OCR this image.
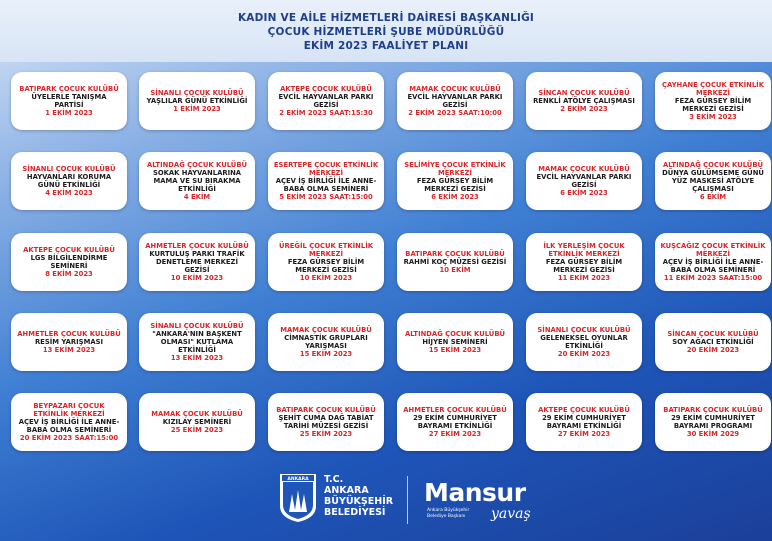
KADIN VE AİLE HİZMETLERİ DAİRESİ BAŞKANLIĞI
ÇOCUK HİZMETLERİ ŞUBE MÜDÜRLÜĞÜ
EKİM 2023 FAALİYET PLANI
BATIPARK ÇOCUK KULÜBÜ
ÜYELERLE TANIŞMA PARTİSİ
1 EKİM 2023
SİNANLI ÇOCUK KULÜBÜ
YAŞLILAR GÜNÜ ETKİNLİĞİ
1 EKİM 2023
AKTEPE ÇOCUK KULÜBÜ
EVCİL HAYVANLAR PARKI GEZİSİ
2 EKİM 2023 SAAT:15:30
MAMAK ÇOCUK KULÜBÜ
EVCİL HAYVANLAR PARKI GEZİSİ
2 EKİM 2023 SAAT:10:00
SİNCAN ÇOCUK KULÜBÜ
RENKLİ ATÖLYE ÇALIŞMASI
2 EKİM 2023
ÇAYHANE ÇOCUK ETKİNLİK MERKEZİ
FEZA GÜRSEY BİLİM MERKEZİ GEZİSİ
3 EKİM 2023
SİNANLI ÇOCUK KULÜBÜ
HAYVANLARI KORUMA GÜNÜ ETKİNLİĞİ
4 EKİM 2023
ALTINDAĞ ÇOCUK KULÜBÜ
SOKAK HAYVANLARINA MAMA VE SU BIRAKMA ETKİNLİĞİ
4 EKİM
ESERTEPE ÇOCUK ETKİNLİK MERKEZİ
AÇEV İŞ BİRLİĞİ İLE ANNE-BABA OLMA SEMİNERİ
5 EKİM 2023 SAAT:15:00
SELİMİYE ÇOCUK ETKİNLİK MERKEZİ
FEZA GÜRSEY BİLİM MERKEZİ GEZİSİ
6 EKİM 2023
MAMAK ÇOCUK KULÜBÜ
EVCİL HAYVANLAR PARKI GEZİSİ
6 EKİM 2023
ALTINDAĞ ÇOCUK KULÜBÜ
DÜNYA GÜLÜMSEME GÜNÜ YÜZ MASKESİ ATÖLYE ÇALIŞMASI
6 EKİM
AKTEPE ÇOCUK KULÜBÜ
LGS BİLGİLENDİRME SEMİNERİ
8 EKİM 2023
AHMETLER ÇOCUK KULÜBÜ
KURTULUŞ PARKI TRAFİK DENETLEME MERKEZİ GEZİSİ
10 EKİM 2023
ÜREĞİL ÇOCUK ETKİNLİK MERKEZİ
FEZA GÜRSEY BİLİM MERKEZİ GEZİSİ
10 EKİM 2023
BATIPARK ÇOCUK KULÜBÜ
RAHMİ KOÇ MÜZESİ GEZİSİ
10 EKİM
İLK YERLEŞİM ÇOCUK ETKİNLİK MERKEZİ
FEZA GÜRSEY BİLİM MERKEZİ GEZİSİ
11 EKİM 2023
KUŞCAĞIZ ÇOCUK ETKİNLİK MERKEZİ
AÇEV İŞ BİRLİĞİ İLE ANNE-BABA OLMA SEMİNERİ
11 EKİM 2023 SAAT:15:00
AHMETLER ÇOCUK KULÜBÜ
RESİM YARIŞMASI
13 EKİM 2023
SİNANLI ÇOCUK KULÜBÜ
"ANKARA'NIN BAŞKENT OLMASI" KUTLAMA ETKİNLİĞİ
13 EKİM 2023
MAMAK ÇOCUK KULÜBÜ
CİMNASTİK GRUPLARI YARIŞMASI
15 EKİM 2023
ALTINDAĞ ÇOCUK KULÜBÜ
HİJYEN SEMİNERİ
15 EKİM 2023
SİNANLI ÇOCUK KULÜBÜ
GELENEKSEL OYUNLAR ETKİNLİĞİ
20 EKİM 2023
SİNCAN ÇOCUK KULÜBÜ
SOY AĞACI ETKİNLİĞİ
20 EKİM 2023
BEYPAZARI ÇOCUK ETKİNLİK MERKEZİ
AÇEV İŞ BİRLİĞİ İLE ANNE-BABA OLMA SEMİNERİ
20 EKİM 2023 SAAT:15:00
MAMAK ÇOCUK KULÜBÜ
KIZILAY SEMİNERİ
25 EKİM 2023
BATIPARK ÇOCUK KULÜBÜ
ŞEHİT CUMA DAĞ TABİAT TARİHİ MÜZESİ GEZİSİ
25 EKİM 2023
AHMETLER ÇOCUK KULÜBÜ
29 EKİM CUMHURİYET BAYRAMI ETKİNLİĞİ
27 EKİM 2023
AKTEPE ÇOCUK KULÜBÜ
29 EKİM CUMHURİYET BAYRAMI ETKİNLİĞİ
27 EKİM 2023
BATIPARK ÇOCUK KULÜBÜ
29 EKİM CUMHURİYET BAYRAMI PROGRAMI
30 EKİM 2029
ANKARA T.C.
ANKARA
BÜYÜKŞEHİR
BELEDİYESİ
Mansur
Ankara Büyükşehir
Belediye Başkanı yavaş
